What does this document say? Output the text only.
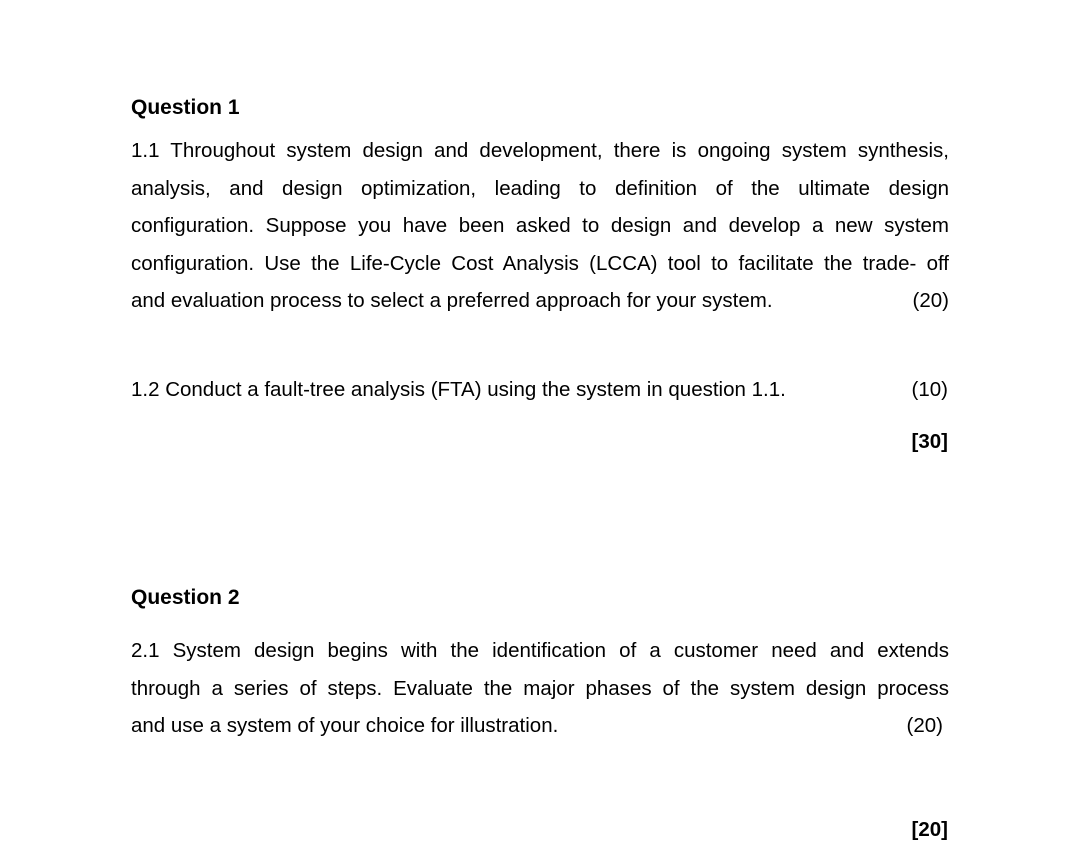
Question 1
1.1 Throughout system design and development, there is ongoing system synthesis,
analysis, and design optimization, leading to definition of the ultimate design
configuration. Suppose you have been asked to design and develop a new system
configuration. Use the Life-Cycle Cost Analysis (LCCA) tool to facilitate the trade- off
and evaluation process to select a preferred approach for your system.	(20)
1.2 Conduct a fault-tree analysis (FTA) using the system in question 1.1.	(10)
[30]
Question 2
2.1 System design begins with the identification of a customer need and extends
through a series of steps. Evaluate the major phases of the system design process
and use a system of your choice for illustration.	(20)
[20]
